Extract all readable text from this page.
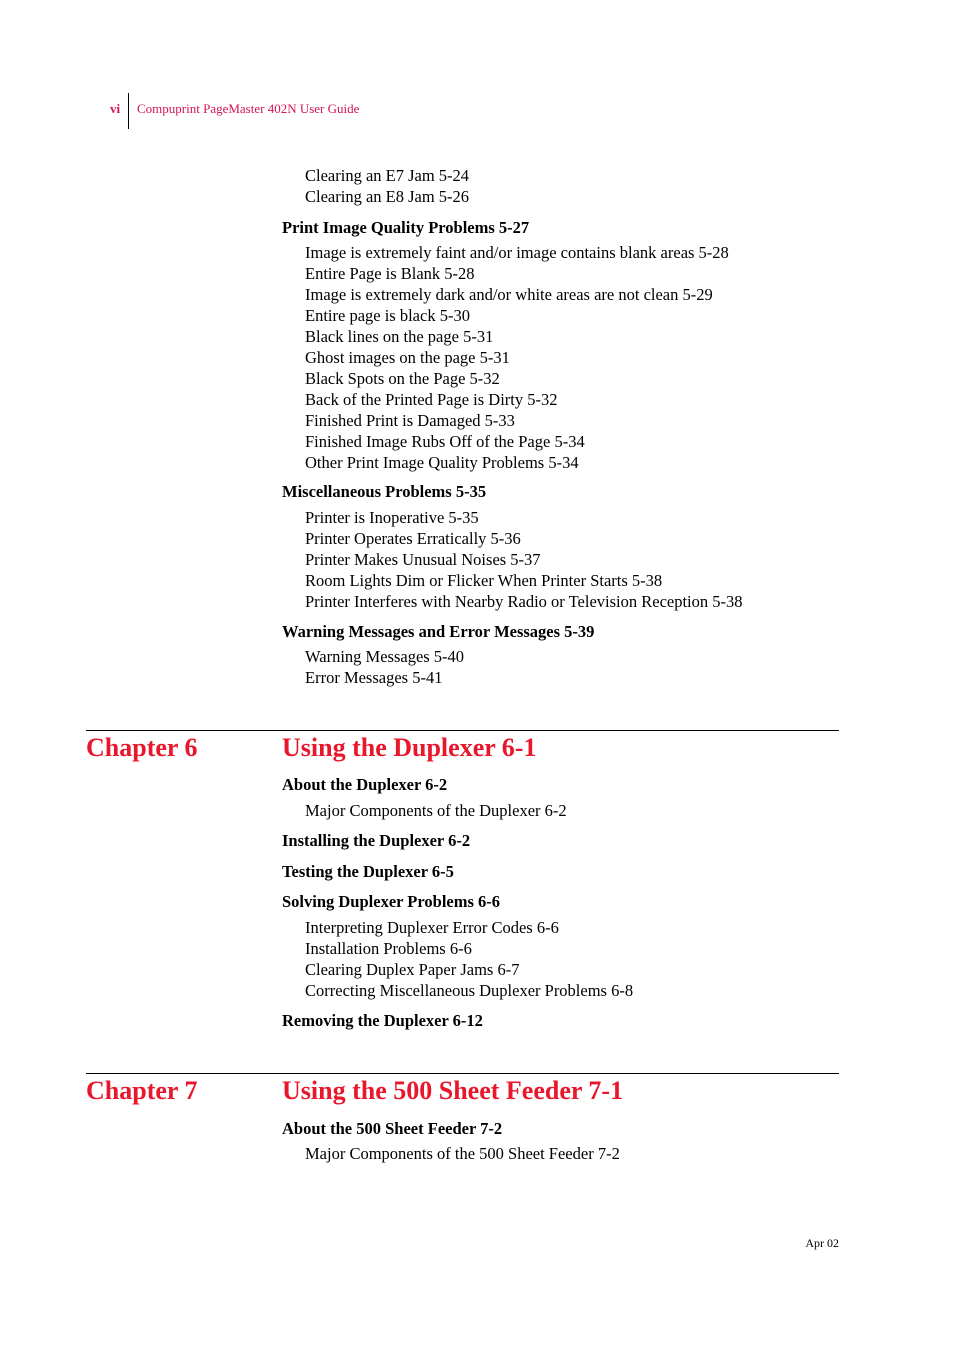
vi Compuprint PageMaster 402N User Guide
Clearing an E7 Jam 5-24
Clearing an E8 Jam 5-26
Print Image Quality Problems 5-27
Image is extremely faint and/or image contains blank areas 5-28
Entire Page is Blank 5-28
Image is extremely dark and/or white areas are not clean 5-29
Entire page is black 5-30
Black lines on the page 5-31
Ghost images on the page 5-31
Black Spots on the Page 5-32
Back of the Printed Page is Dirty 5-32
Finished Print is Damaged 5-33
Finished Image Rubs Off of the Page 5-34
Other Print Image Quality Problems 5-34
Miscellaneous Problems 5-35
Printer is Inoperative 5-35
Printer Operates Erratically 5-36
Printer Makes Unusual Noises 5-37
Room Lights Dim or Flicker When Printer Starts 5-38
Printer Interferes with Nearby Radio or Television Reception 5-38
Warning Messages and Error Messages 5-39
Warning Messages 5-40
Error Messages 5-41
Chapter 6	Using the Duplexer 6-1
About the Duplexer 6-2
Major Components of the Duplexer 6-2
Installing the Duplexer 6-2
Testing the Duplexer 6-5
Solving Duplexer Problems 6-6
Interpreting Duplexer Error Codes 6-6
Installation Problems 6-6
Clearing Duplex Paper Jams 6-7
Correcting Miscellaneous Duplexer Problems 6-8
Removing the Duplexer 6-12
Chapter 7	Using the 500 Sheet Feeder 7-1
About the 500 Sheet Feeder 7-2
Major Components of the 500 Sheet Feeder 7-2
Apr 02
